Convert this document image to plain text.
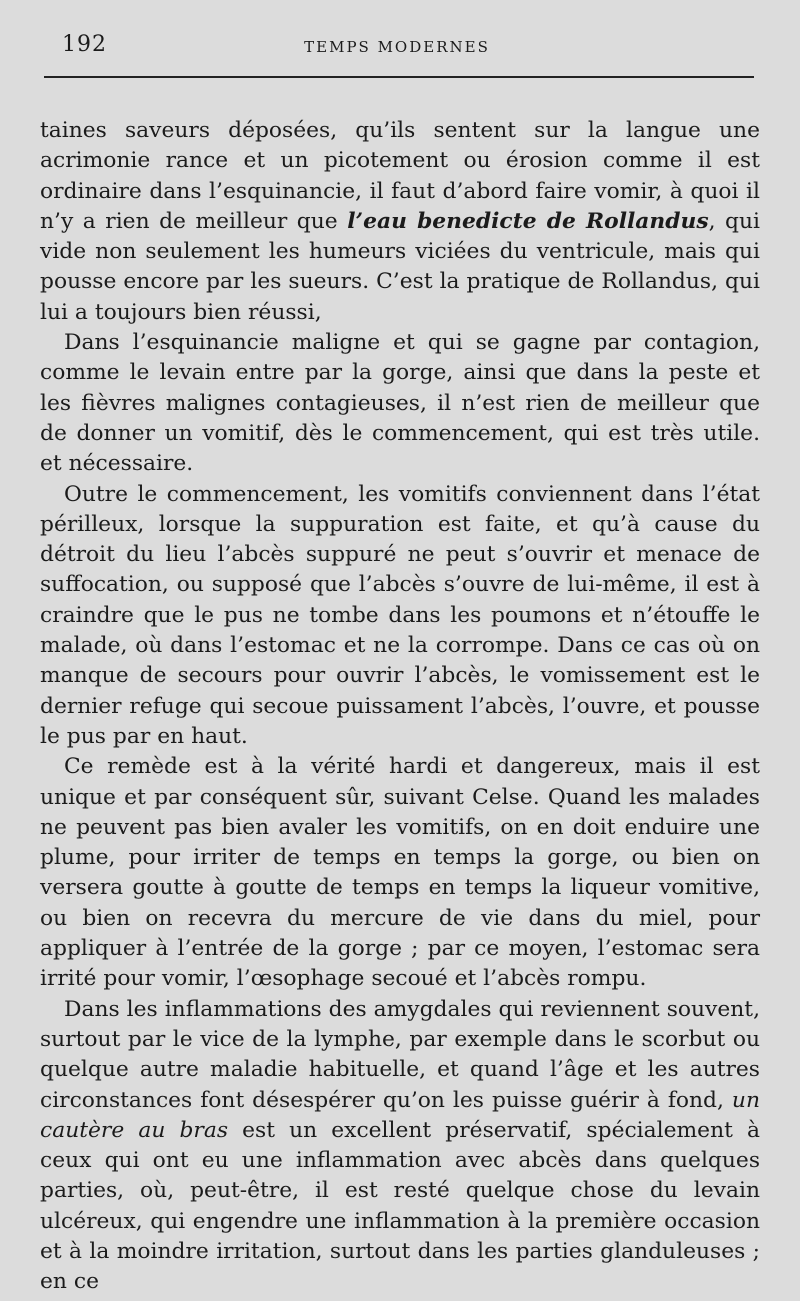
192	TEMPS MODERNES

taines saveurs déposées, qu’ils sentent sur la langue une acrimonie rance et un picotement ou érosion comme il est ordinaire dans l’esquinancie, il faut d’abord faire vomir, à quoi il n’y a rien de meilleur que l’eau benedicte de Rollandus, qui vide non seulement les humeurs viciées du ventricule, mais qui pousse encore par les sueurs. C’est la pratique de Rollandus, qui lui a toujours bien réussi,

Dans l’esquinancie maligne et qui se gagne par contagion, comme le levain entre par la gorge, ainsi que dans la peste et les fièvres malignes contagieuses, il n’est rien de meilleur que de donner un vomitif, dès le commencement, qui est très utile. et nécessaire.

Outre le commencement, les vomitifs conviennent dans l’état périlleux, lorsque la suppuration est faite, et qu’à cause du détroit du lieu l’abcès suppuré ne peut s’ouvrir et menace de suffocation, ou supposé que l’abcès s’ouvre de lui-même, il est à craindre que le pus ne tombe dans les poumons et n’étouffe le malade, où dans l’estomac et ne la corrompe. Dans ce cas où on manque de secours pour ouvrir l’abcès, le vomissement est le dernier refuge qui secoue puissament l’abcès, l’ouvre, et pousse le pus par en haut.

Ce remède est à la vérité hardi et dangereux, mais il est unique et par conséquent sûr, suivant Celse. Quand les malades ne peuvent pas bien avaler les vomitifs, on en doit enduire une plume, pour irriter de temps en temps la gorge, ou bien on versera goutte à goutte de temps en temps la liqueur vomitive, ou bien on recevra du mercure de vie dans du miel, pour appliquer à l’entrée de la gorge ; par ce moyen, l’estomac sera irrité pour vomir, l’œsophage secoué et l’abcès rompu.

Dans les inflammations des amygdales qui reviennent souvent, surtout par le vice de la lymphe, par exemple dans le scorbut ou quelque autre maladie habituelle, et quand l’âge et les autres circonstances font désespérer qu’on les puisse guérir à fond, un cautère au bras est un excellent préservatif, spécialement à ceux qui ont eu une inflammation avec abcès dans quelques parties, où, peut-être, il est resté quelque chose du levain ulcéreux, qui engendre une inflammation à la première occasion et à la moindre irritation, surtout dans les parties glanduleuses ; en ce
